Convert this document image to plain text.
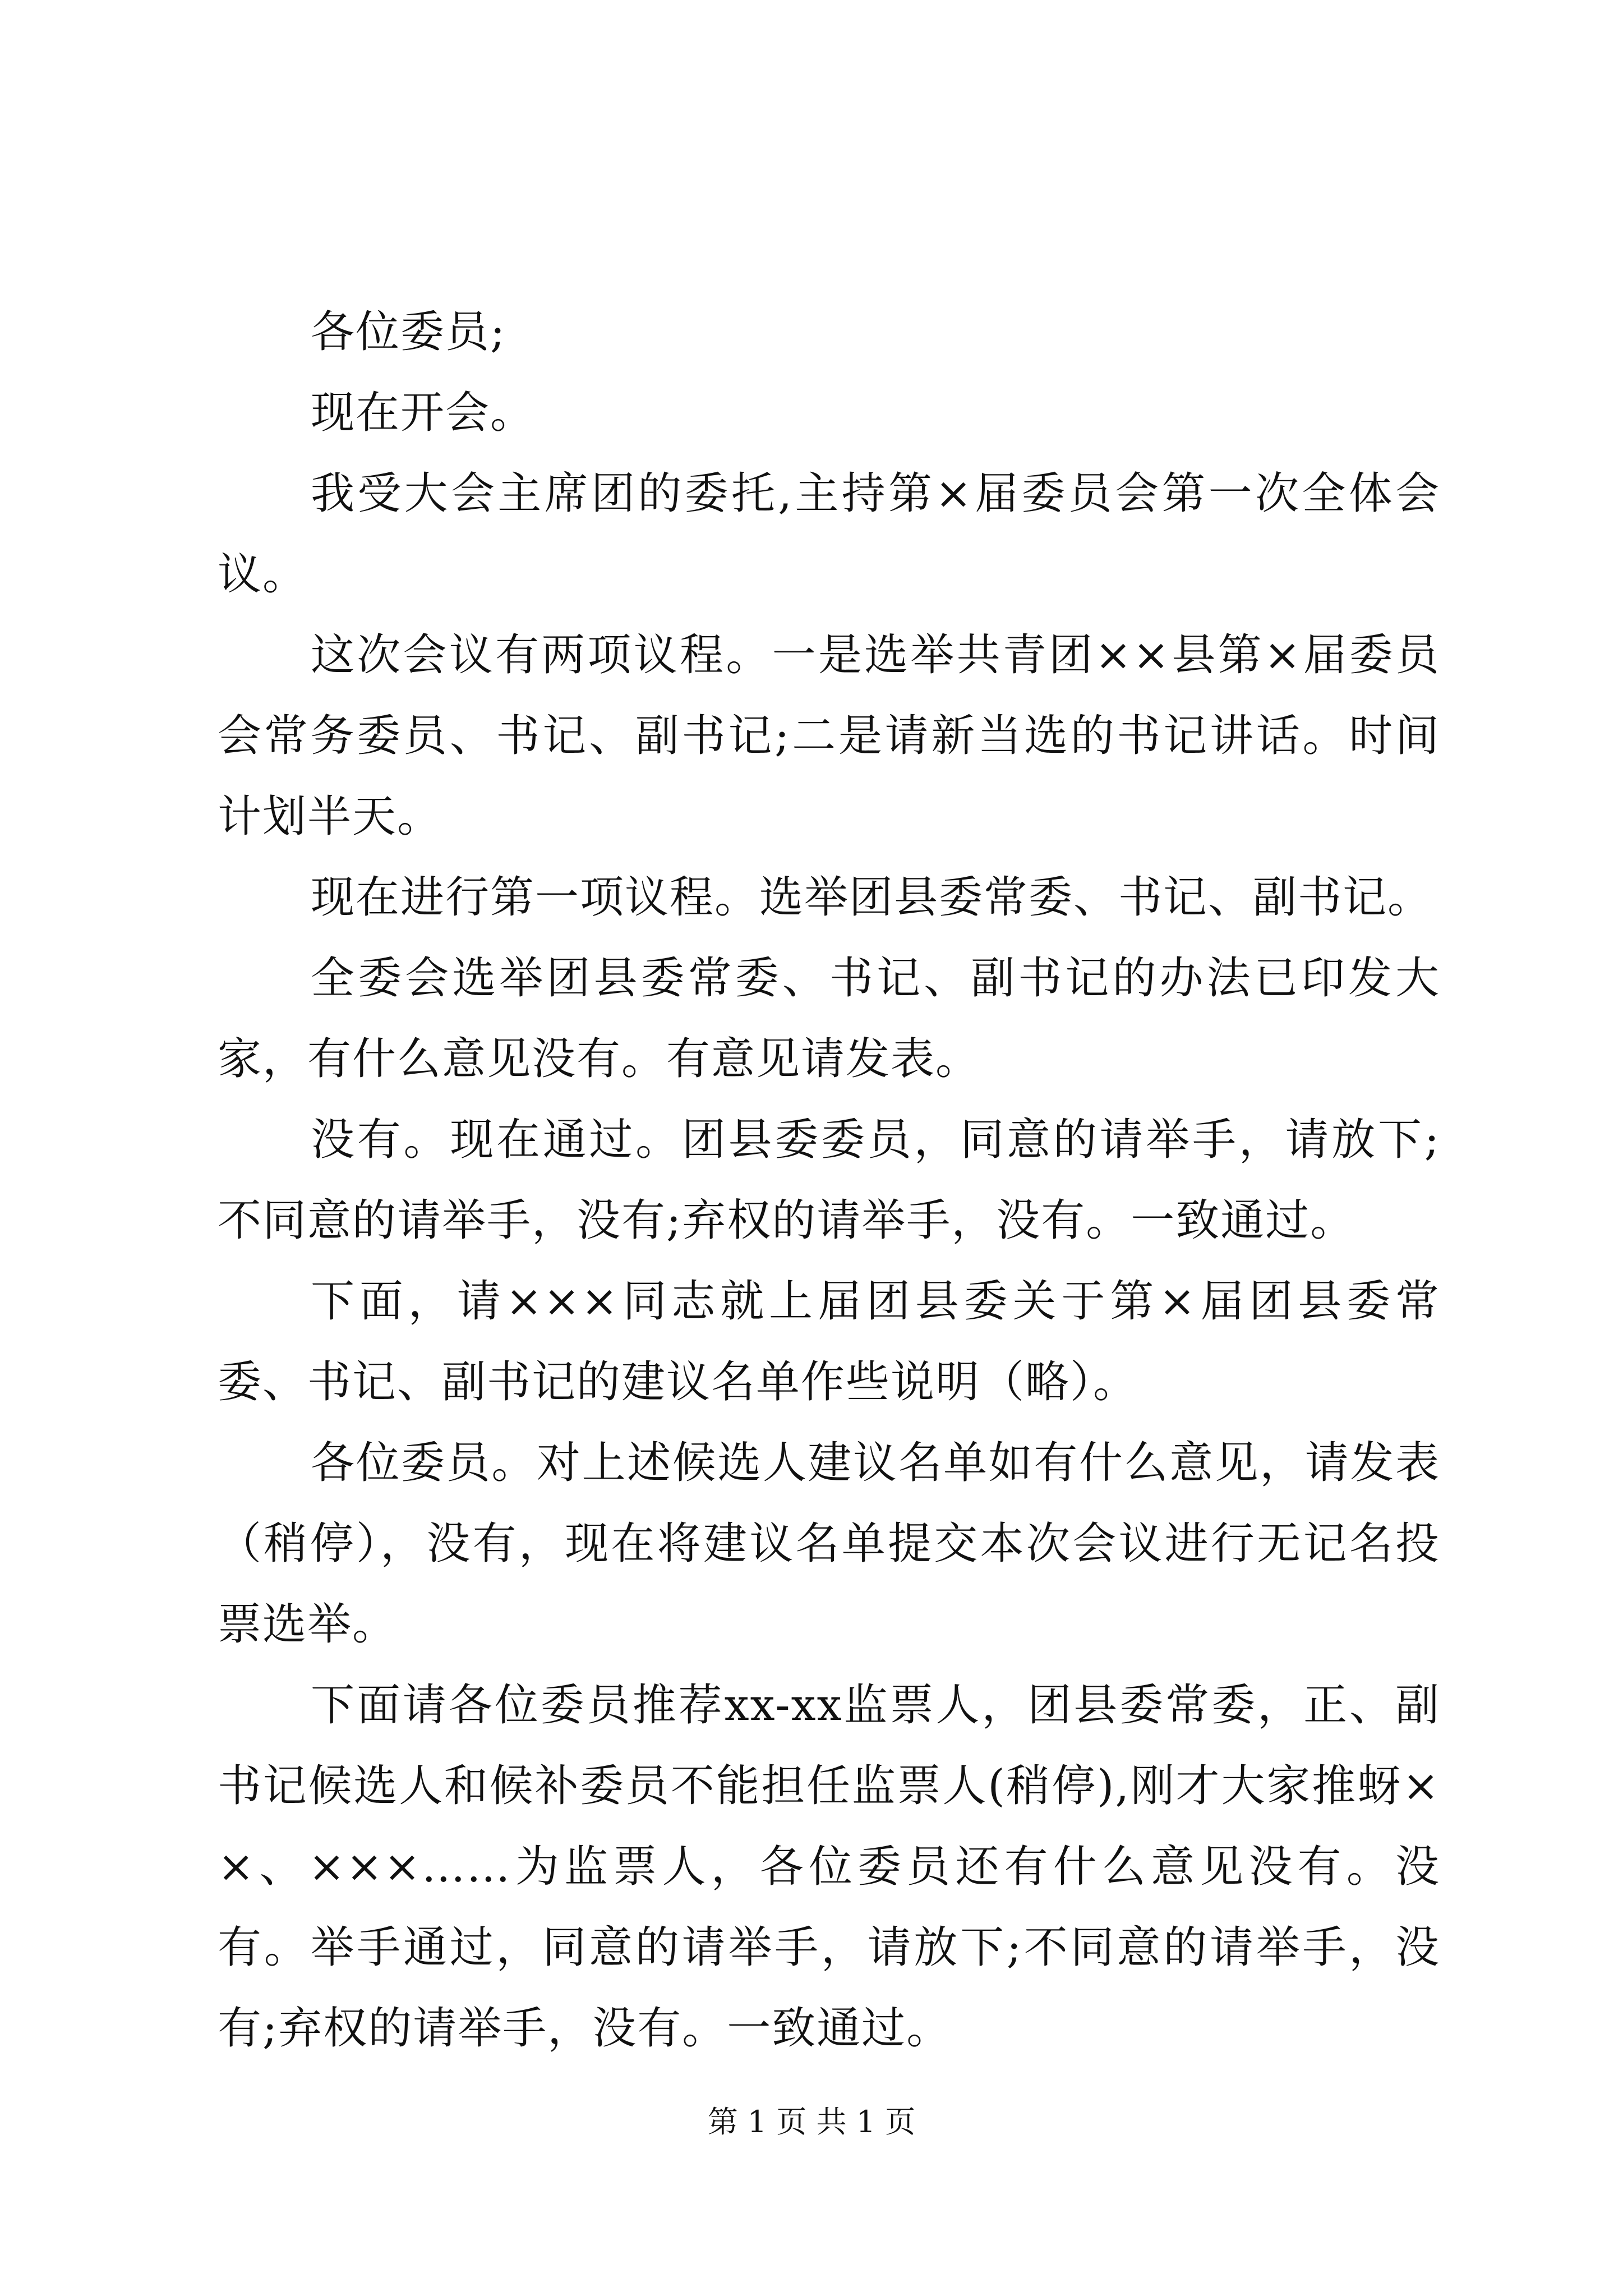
各位委员;

现在开会。

我受大会主席团的委托,主持第×届委员会第一次全体会议。

这次会议有两项议程。一是选举共青团××县第×届委员会常务委员、书记、副书记;二是请新当选的书记讲话。时间计划半天。

现在进行第一项议程。选举团县委常委、书记、副书记。

全委会选举团县委常委、书记、副书记的办法已印发大家，有什么意见没有。有意见请发表。

没有。现在通过。团县委委员，同意的请举手，请放下;不同意的请举手，没有;弃权的请举手，没有。一致通过。

下面，请×××同志就上届团县委关于第×届团县委常委、书记、副书记的建议名单作些说明（略）。

各位委员。对上述候选人建议名单如有什么意见，请发表（稍停），没有，现在将建议名单提交本次会议进行无记名投票选举。

下面请各位委员推荐xx-xx监票人，团县委常委，正、副书记候选人和候补委员不能担任监票人(稍停),刚才大家推蚜××、×××……为监票人，各位委员还有什么意见没有。没有。举手通过，同意的请举手，请放下;不同意的请举手，没有;弃权的请举手，没有。一致通过。

第 1 页 共 1 页
